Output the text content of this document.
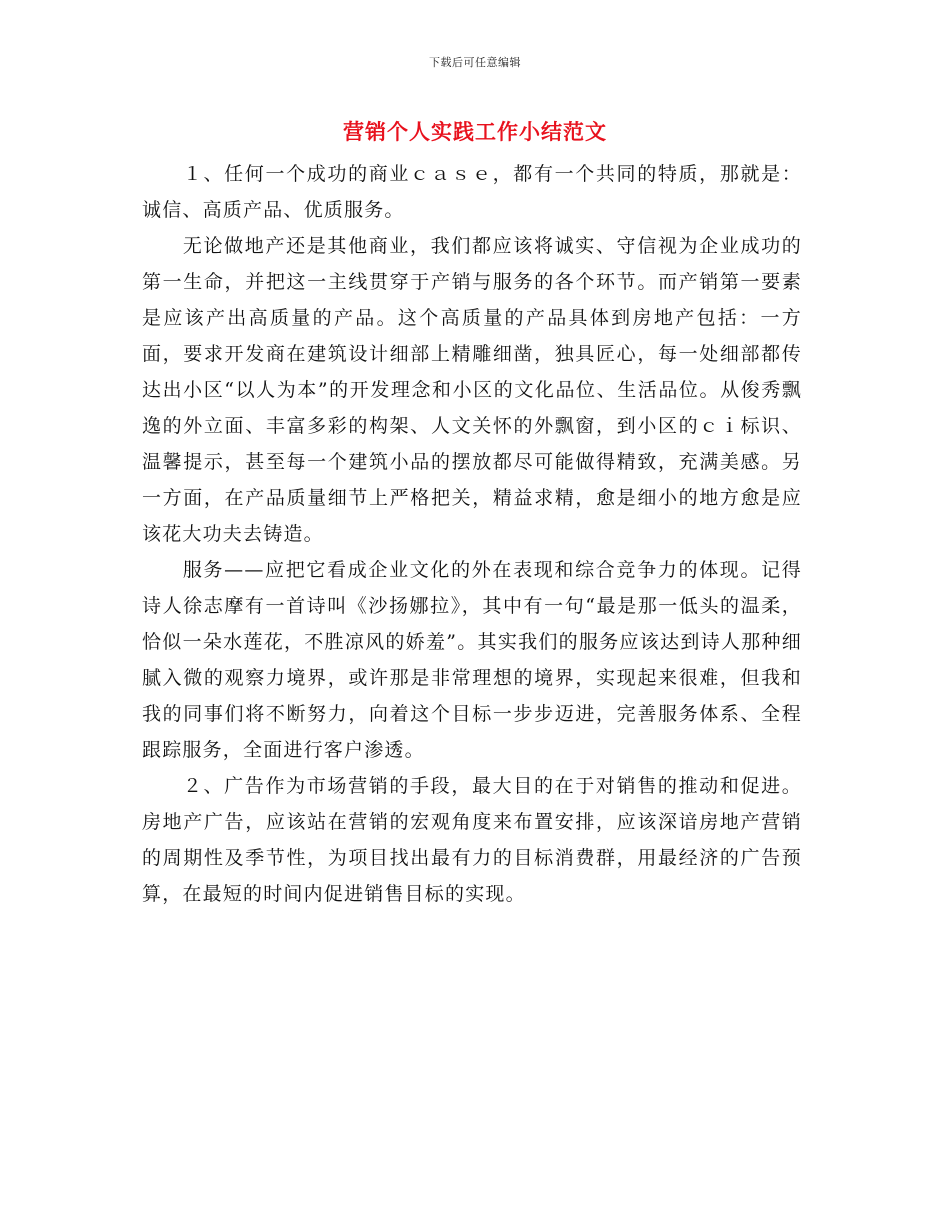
下载后可任意编辑
营销个人实践工作小结范文

１、任何一个成功的商业ｃａｓｅ，都有一个共同的特质，那就是：诚信、高质产品、优质服务。

无论做地产还是其他商业，我们都应该将诚实、守信视为企业成功的第一生命，并把这一主线贯穿于产销与服务的各个环节。而产销第一要素是应该产出高质量的产品。这个高质量的产品具体到房地产包括：一方面，要求开发商在建筑设计细部上精雕细凿，独具匠心，每一处细部都传达出小区“以人为本”的开发理念和小区的文化品位、生活品位。从俊秀飘逸的外立面、丰富多彩的构架、人文关怀的外飘窗，到小区的ｃｉ标识、温馨提示，甚至每一个建筑小品的摆放都尽可能做得精致，充满美感。另一方面，在产品质量细节上严格把关，精益求精，愈是细小的地方愈是应该花大功夫去铸造。

服务——应把它看成企业文化的外在表现和综合竞争力的体现。记得诗人徐志摩有一首诗叫《沙扬娜拉》，其中有一句“最是那一低头的温柔，恰似一朵水莲花，不胜凉风的娇羞”。其实我们的服务应该达到诗人那种细腻入微的观察力境界，或许那是非常理想的境界，实现起来很难，但我和我的同事们将不断努力，向着这个目标一步步迈进，完善服务体系、全程跟踪服务，全面进行客户渗透。

２、广告作为市场营销的手段，最大目的在于对销售的推动和促进。房地产广告，应该站在营销的宏观角度来布置安排，应该深谙房地产营销的周期性及季节性，为项目找出最有力的目标消费群，用最经济的广告预算，在最短的时间内促进销售目标的实现。
